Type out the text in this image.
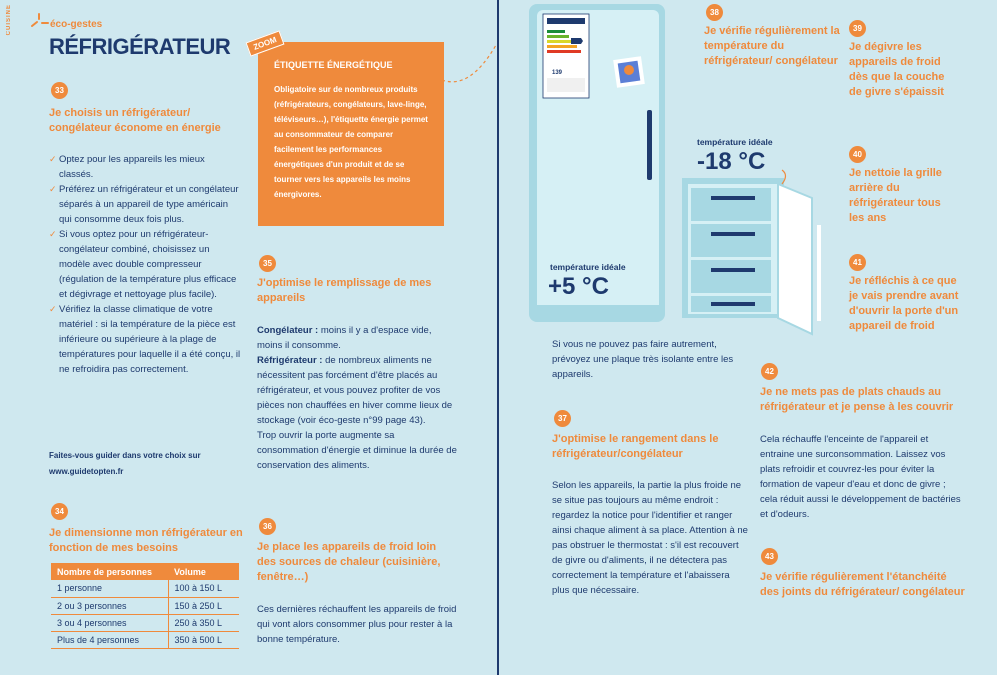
CUISINE	éco-gestes
RÉFRIGÉRATEUR
ÉTIQUETTE ÉNERGÉTIQUE
Obligatoire sur de nombreux produits (réfrigérateurs, congélateurs, lave-linge, téléviseurs…), l'étiquette énergie permet au consommateur de comparer facilement les performances énergétiques d'un produit et de se tourner vers les appareils les moins énergivores.
ZOOM
33
Je choisis un réfrigérateur/ congélateur économe en énergie
✓ Optez pour les appareils les mieux classés.
✓ Préférez un réfrigérateur et un congélateur séparés à un appareil de type américain qui consomme deux fois plus.
✓ Si vous optez pour un réfrigérateur-congélateur combiné, choisissez un modèle avec double compresseur (régulation de la température plus efficace et dégivrage et nettoyage plus facile).
✓ Vérifiez la classe climatique de votre matériel : si la température de la pièce est inférieure ou supérieure à la plage de températures pour laquelle il a été conçu, il ne refroidira pas correctement.
Faites-vous guider dans votre choix sur
www.guidetopten.fr
34
Je dimensionne mon réfrigérateur en fonction de mes besoins
Nombre de personnes	Volume
1 personne	100 à 150 L
2 ou 3 personnes	150 à 250 L
3 ou 4 personnes	250 à 350 L
Plus de 4 personnes	350 à 500 L
35
J'optimise le remplissage de mes appareils
Congélateur : moins il y a d'espace vide, moins il consomme.
Réfrigérateur : de nombreux aliments ne nécessitent pas forcément d'être placés au réfrigérateur, et vous pouvez profiter de vos pièces non chauffées en hiver comme lieux de stockage (voir éco-geste n°99 page 43).
Trop ouvrir la porte augmente sa consommation d'énergie et diminue la durée de conservation des aliments.
36
Je place les appareils de froid loin des sources de chaleur (cuisinière, fenêtre…)
Ces dernières réchauffent les appareils de froid qui vont alors consommer plus pour rester à la bonne température.
139
température idéale
+5 °C
température idéale
-18 °C
Si vous ne pouvez pas faire autrement, prévoyez une plaque très isolante entre les appareils.
37
J'optimise le rangement dans le réfrigérateur/congélateur
Selon les appareils, la partie la plus froide ne se situe pas toujours au même endroit : regardez la notice pour l'identifier et ranger ainsi chaque aliment à sa place. Attention à ne pas obstruer le thermostat : s'il est recouvert de givre ou d'aliments, il ne détectera pas correctement la température et l'abaissera plus que nécessaire.
38
Je vérifie régulièrement la température du réfrigérateur/ congélateur
39
Je dégivre les appareils de froid dès que la couche de givre s'épaissit
40
Je nettoie la grille arrière du réfrigérateur tous les ans
41
Je réfléchis à ce que je vais prendre avant d'ouvrir la porte d'un appareil de froid
42
Je ne mets pas de plats chauds au réfrigérateur et je pense à les couvrir
Cela réchauffe l'enceinte de l'appareil et entraine une surconsommation. Laissez vos plats refroidir et couvrez-les pour éviter la formation de vapeur d'eau et donc de givre ; cela réduit aussi le développement de bactéries et d'odeurs.
43
Je vérifie régulièrement l'étanchéité des joints du réfrigérateur/ congélateur
